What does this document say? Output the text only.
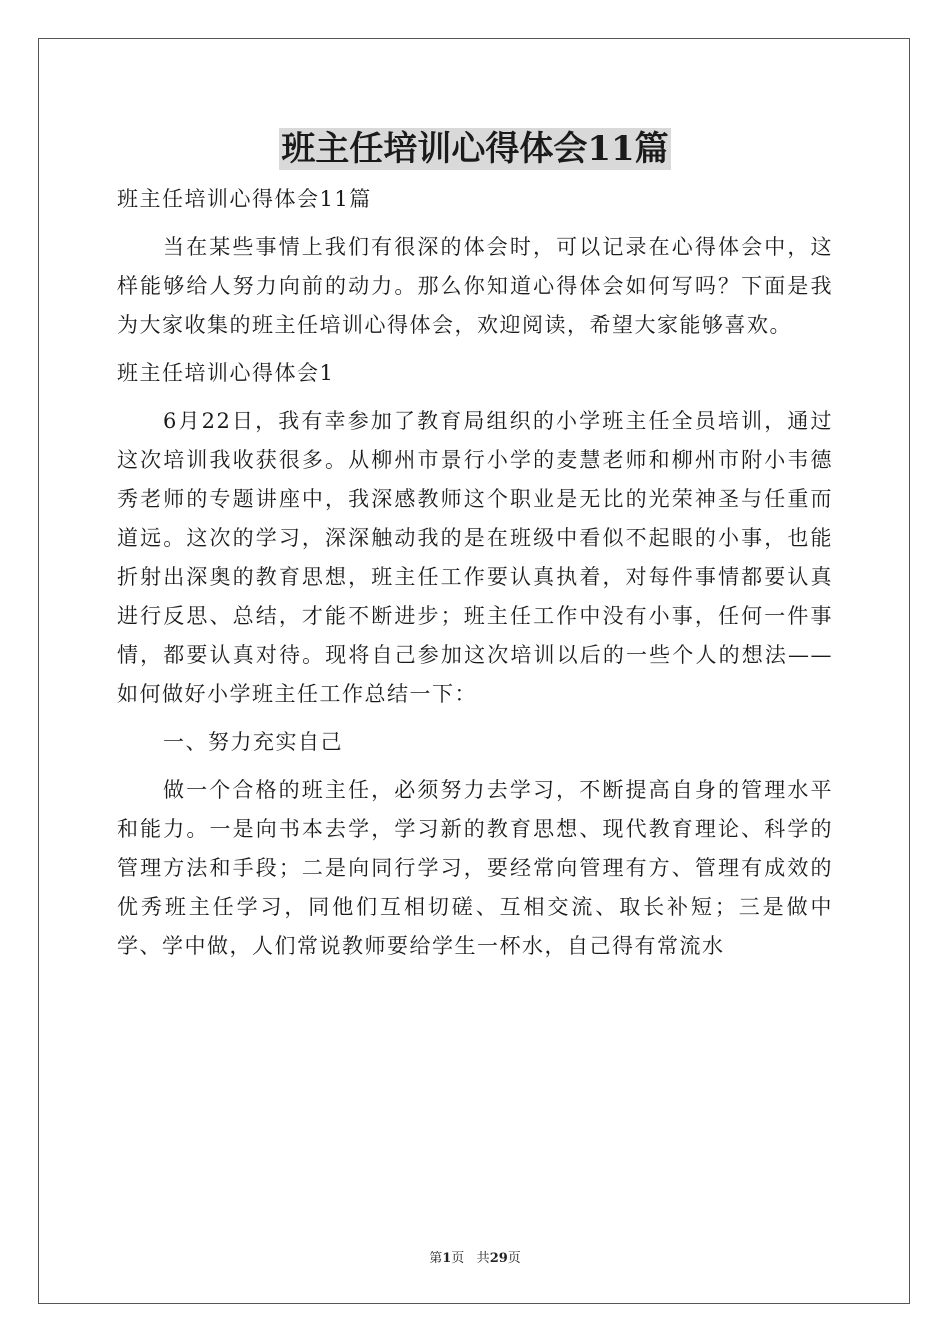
班主任培训心得体会11篇

班主任培训心得体会11篇

当在某些事情上我们有很深的体会时，可以记录在心得体会中，这样能够给人努力向前的动力。那么你知道心得体会如何写吗？下面是我为大家收集的班主任培训心得体会，欢迎阅读，希望大家能够喜欢。

班主任培训心得体会1

6月22日，我有幸参加了教育局组织的小学班主任全员培训，通过这次培训我收获很多。从柳州市景行小学的麦慧老师和柳州市附小韦德秀老师的专题讲座中，我深感教师这个职业是无比的光荣神圣与任重而道远。这次的学习，深深触动我的是在班级中看似不起眼的小事，也能折射出深奥的教育思想，班主任工作要认真执着，对每件事情都要认真进行反思、总结，才能不断进步；班主任工作中没有小事，任何一件事情，都要认真对待。现将自己参加这次培训以后的一些个人的想法——如何做好小学班主任工作总结一下：

一、努力充实自己

做一个合格的班主任，必须努力去学习，不断提高自身的管理水平和能力。一是向书本去学，学习新的教育思想、现代教育理论、科学的管理方法和手段；二是向同行学习，要经常向管理有方、管理有成效的优秀班主任学习，同他们互相切磋、互相交流、取长补短；三是做中学、学中做，人们常说教师要给学生一杯水，自己得有常流水

第1页 共29页
